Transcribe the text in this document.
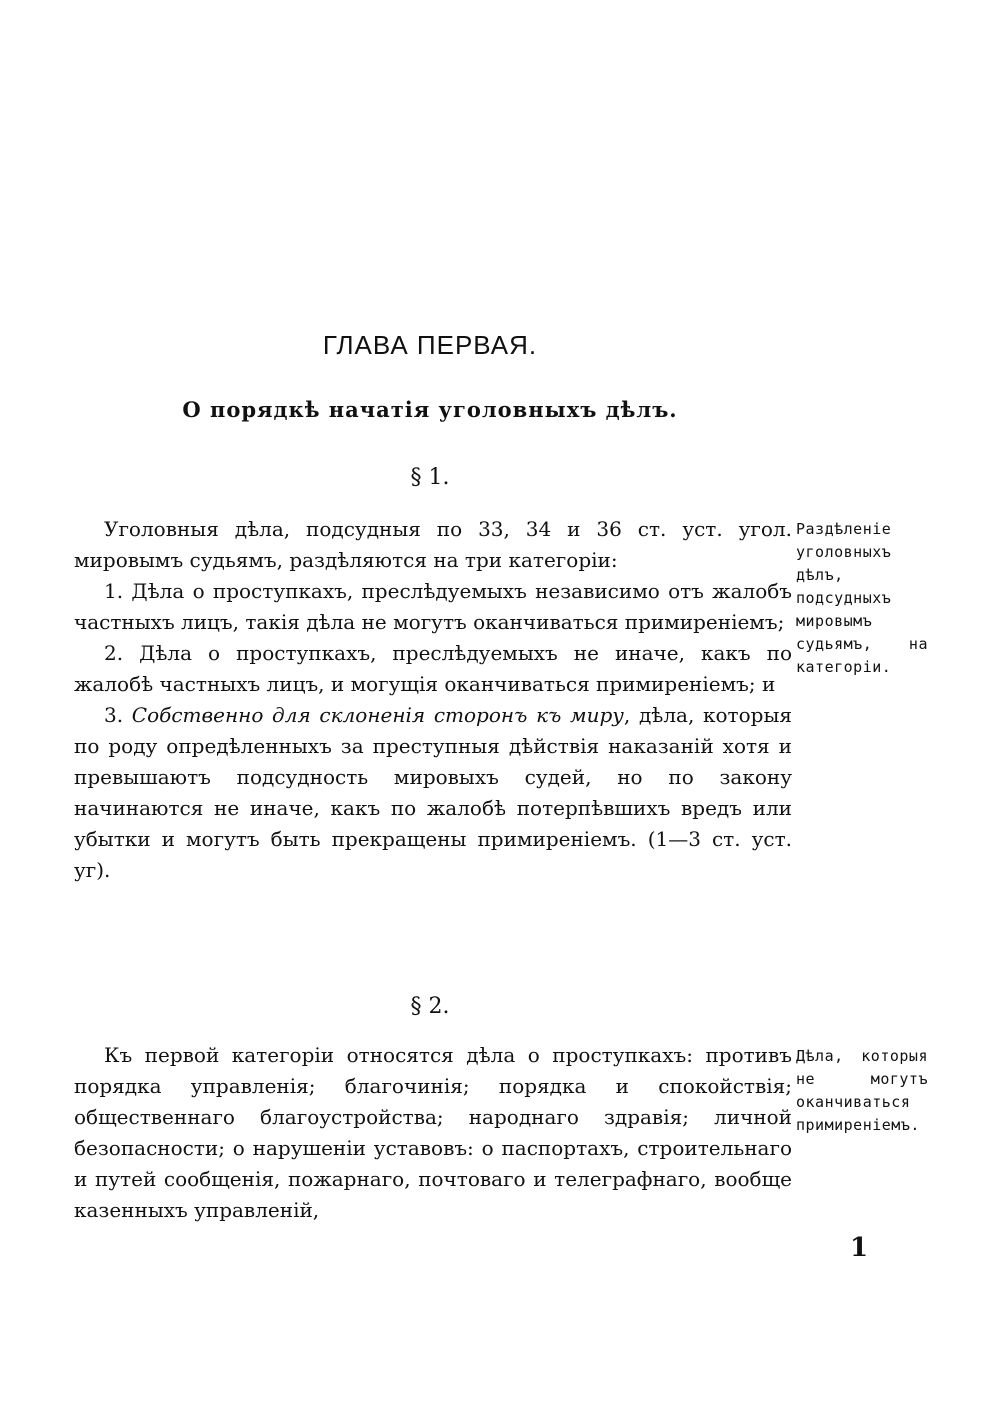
ГЛАВА ПЕРВАЯ.
О порядкѣ начатія уголовныхъ дѣлъ.
§ 1.

Уголовныя дѣла, подсудныя по 33, 34 и 36 ст. уст. угол. мировымъ судьямъ, раздѣляются на три категоріи:

1. Дѣла о проступкахъ, преслѣдуемыхъ независимо отъ жалобъ частныхъ лицъ, такія дѣла не могутъ оканчиваться примиреніемъ;

2. Дѣла о проступкахъ, преслѣдуемыхъ не иначе, какъ по жалобѣ частныхъ лицъ, и могущія оканчиваться примиреніемъ; и

3. Собственно для склоненія сторонъ къ миру, дѣла, которыя по роду опредѣленныхъ за преступныя дѣйствія наказаній хотя и превышаютъ подсудность мировыхъ судей, но по закону начинаются не иначе, какъ по жалобѣ потерпѣвшихъ вредъ или убытки и могутъ быть прекращены примиреніемъ. (1—3 ст. уст. уг).

Раздѣленіе уголовныхъ дѣлъ, подсудныхъ мировымъ судьямъ, на категоріи.
§ 2.

Къ первой категоріи относятся дѣла о проступкахъ: противъ порядка управленія; благочинія; порядка и спокойствія; общественнаго благоустройства; народнаго здравія; личной безопасности; о нарушеніи уставовъ: о паспортахъ, строительнаго и путей сообщенія, пожарнаго, почтоваго и телеграфнаго, вообще казенныхъ управленій,

Дѣла, которыя не могутъ оканчиваться примиреніемъ.
1
